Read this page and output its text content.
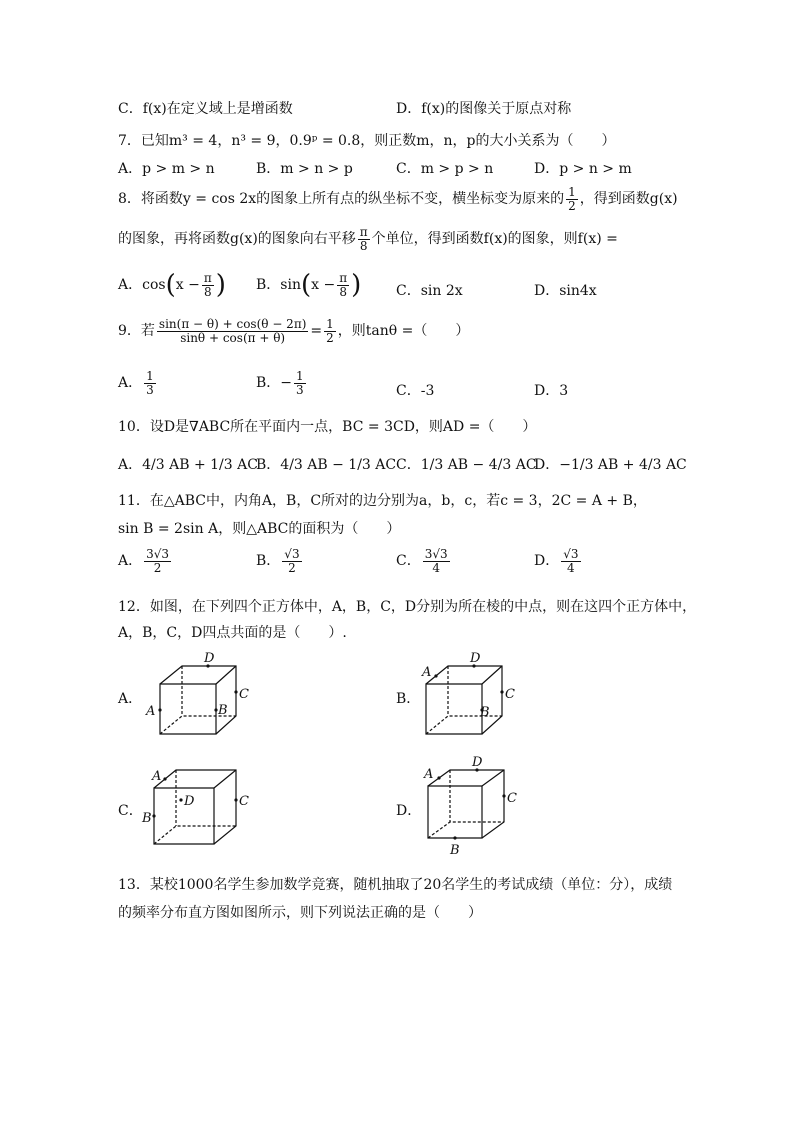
C．f(x)在定义域上是增函数	D．f(x)的图像关于原点对称
7．已知m³ = 4，n³ = 9，0.9ᵖ = 0.8，则正数m，n，p的大小关系为（　　）
A．p > m > n	B．m > n > p	C．m > p > n	D．p > n > m
8．将函数y = cos 2x的图象上所有点的纵坐标不变，横坐标变为原来的 $\frac{1}{2}$ ，得到函数g(x)
的图象，再将函数g(x)的图象向右平移 $\frac{\pi}{8}$ 个单位，得到函数f(x)的图象，则f(x) =
A．$\cos(x - \frac{\pi}{8}$ ) B．$\sin(x - \frac{\pi}{8}$ ) C．sin 2x	D．sin4x
9．若 $\frac{\sin(\pi - \theta) + \cos(\theta - 2\pi)}{\sin\theta + \cos(\pi + \theta)} = \frac{1}{2}$ ，则tanθ =（　　）
A． $\frac{1}{3}$	B．− $\frac{1}{3}$	C．-3	D．3
10．设D是∇ABC所在平面内一点，BC = 3CD，则AD =（　　）
A．4/3 AB + 1/3 AC
B．4/3 AB − 1/3 AC C．1/3 AB − 4/3 AC
D．−1/3 AB + 4/3 AC
11．在△ABC中，内角A，B，C所对的边分别为a，b，c，若c = 3，2C = A + B，
sin B = 2sin A，则△ABC的面积为（　　）
A． $\frac{3√3}{2}$	B． $\frac{√3}{2}$	C． $\frac{3√3}{4}$	D． $\frac{√3}{4}$
12．如图，在下列四个正方体中，A，B，C，D分别为所在棱的中点，则在这四个正方体中，
A，B，C，D四点共面的是（　　）.
A．	B．
C．	D．
D
C
A	B
D
C
A
B
A
C
B
D
A
D
C
B
13．某校1000名学生参加数学竞赛，随机抽取了20名学生的考试成绩（单位：分），成绩
的频率分布直方图如图所示，则下列说法正确的是（　　）
